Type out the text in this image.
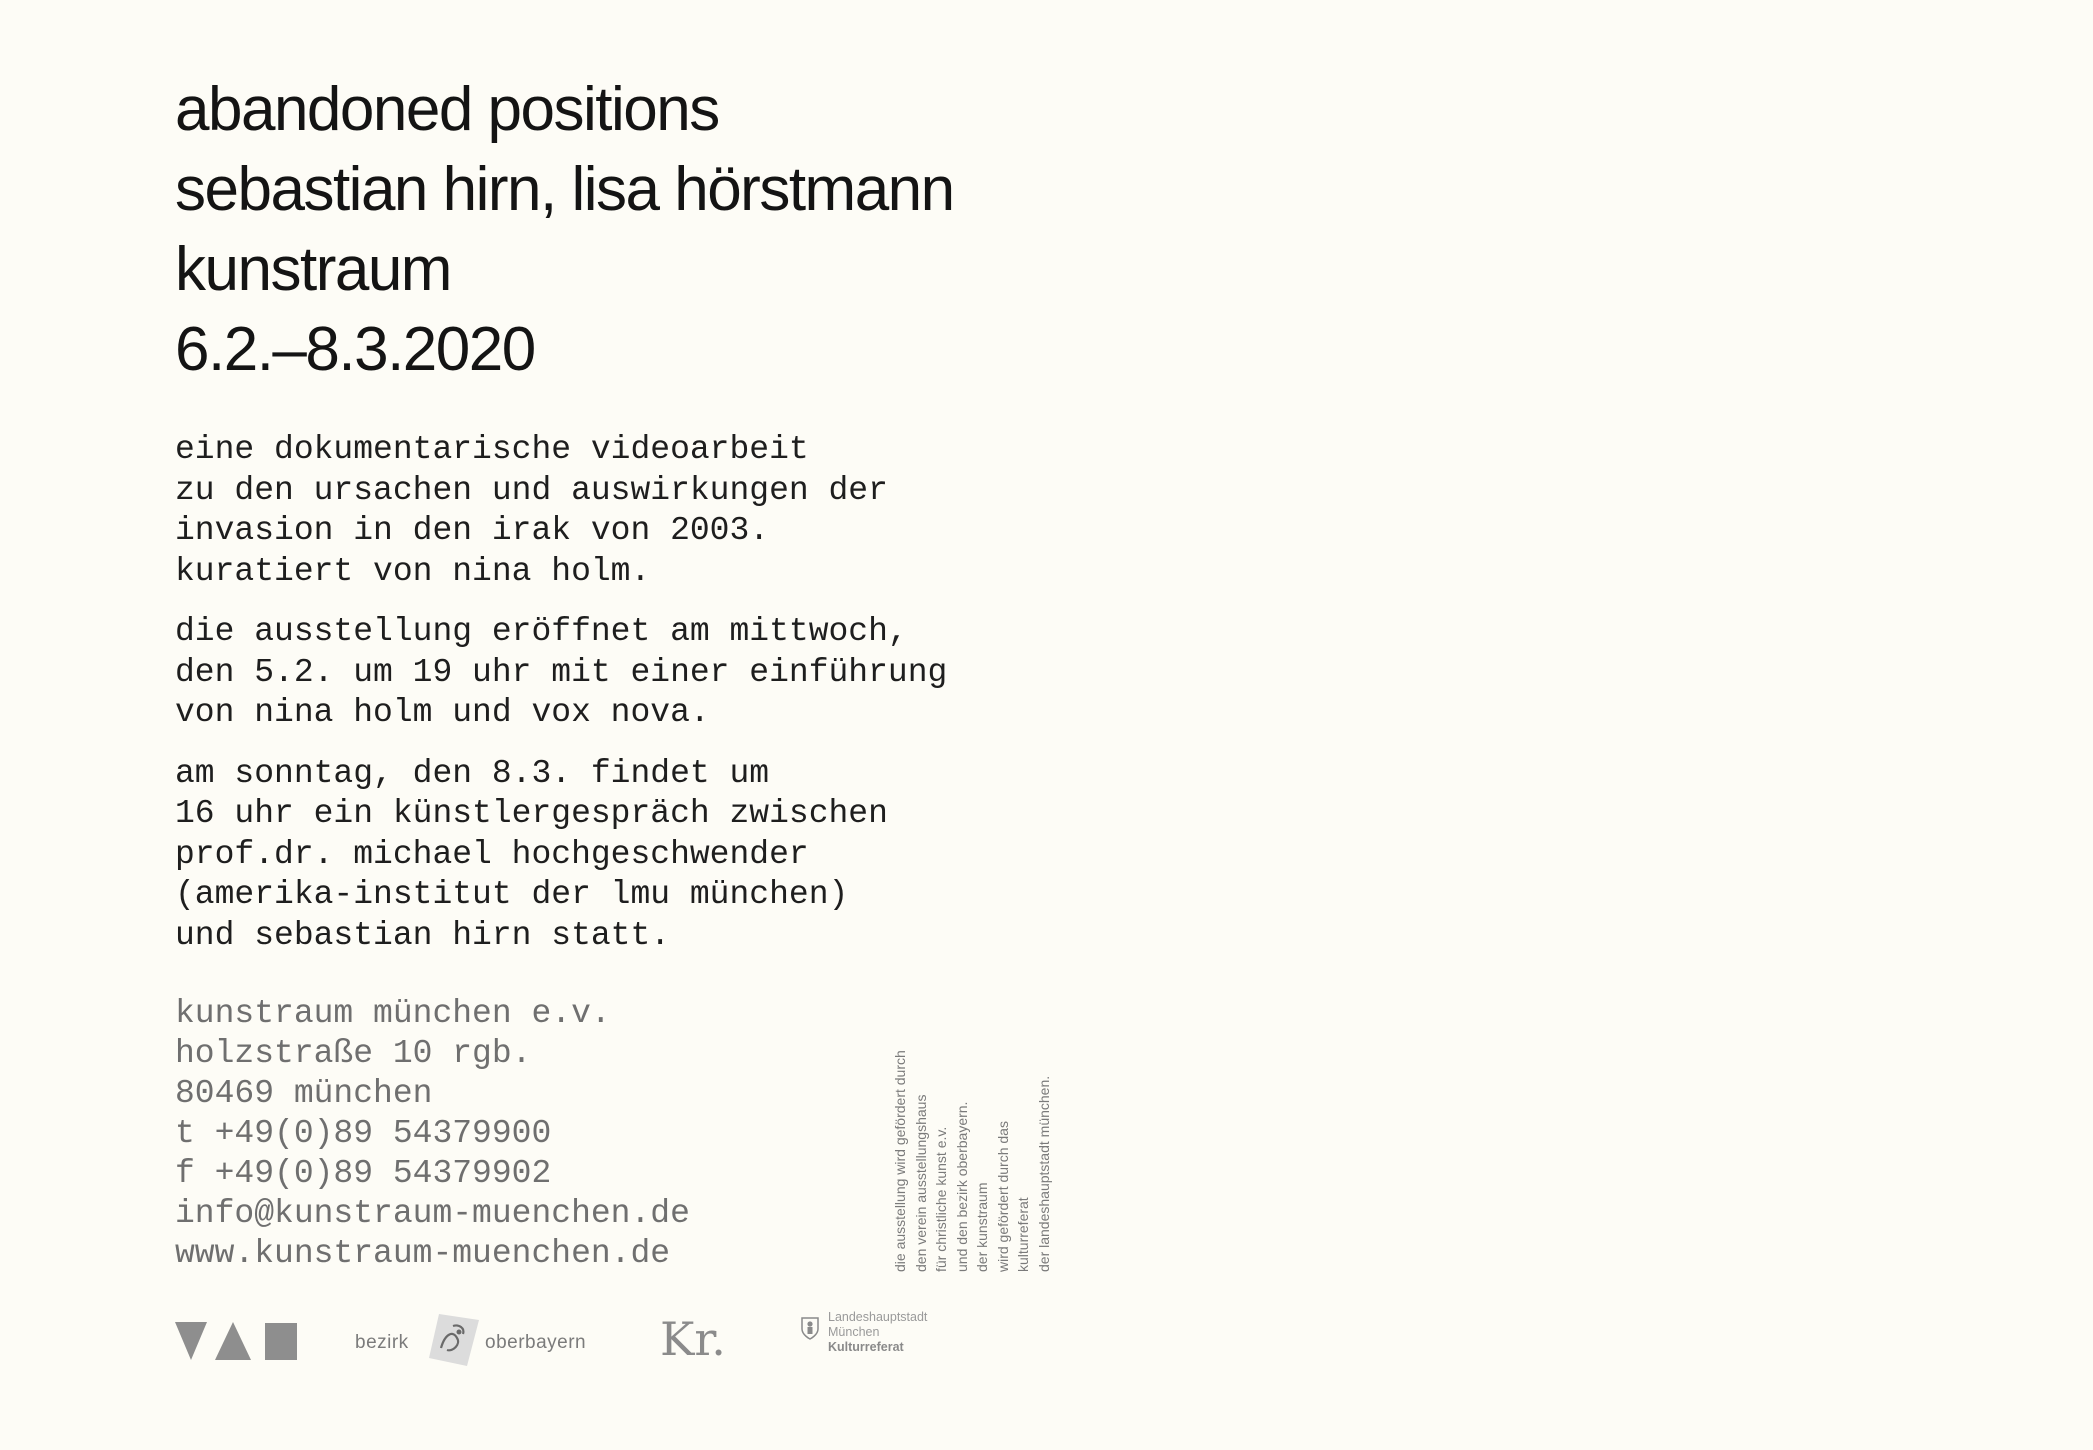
abandoned positions
sebastian hirn, lisa hörstmann
kunstraum
6.2.–8.3.2020
eine dokumentarische videoarbeit
zu den ursachen und auswirkungen der
invasion in den irak von 2003.
kuratiert von nina holm.
die ausstellung eröffnet am mittwoch,
den 5.2. um 19 uhr mit einer einführung
von nina holm und vox nova.
am sonntag, den 8.3. findet um
16 uhr ein künstlergespräch zwischen
prof.dr. michael hochgeschwender
(amerika-institut der lmu münchen)
und sebastian hirn statt.
kunstraum münchen e.v.
holzstraße 10 rgb.
80469 münchen
t +49(0)89 54379900
f +49(0)89 54379902
info@kunstraum-muenchen.de
www.kunstraum-muenchen.de	die ausstellung wird gefördert durch den verein ausstellungshaus für christliche kunst e.v. und den bezirk oberbayern. der kunstraum wird gefördert durch das kulturreferat der landeshauptstadt münchen.
bezirk	oberbayern Kr.	Landeshauptstadt
München
Kulturreferat
